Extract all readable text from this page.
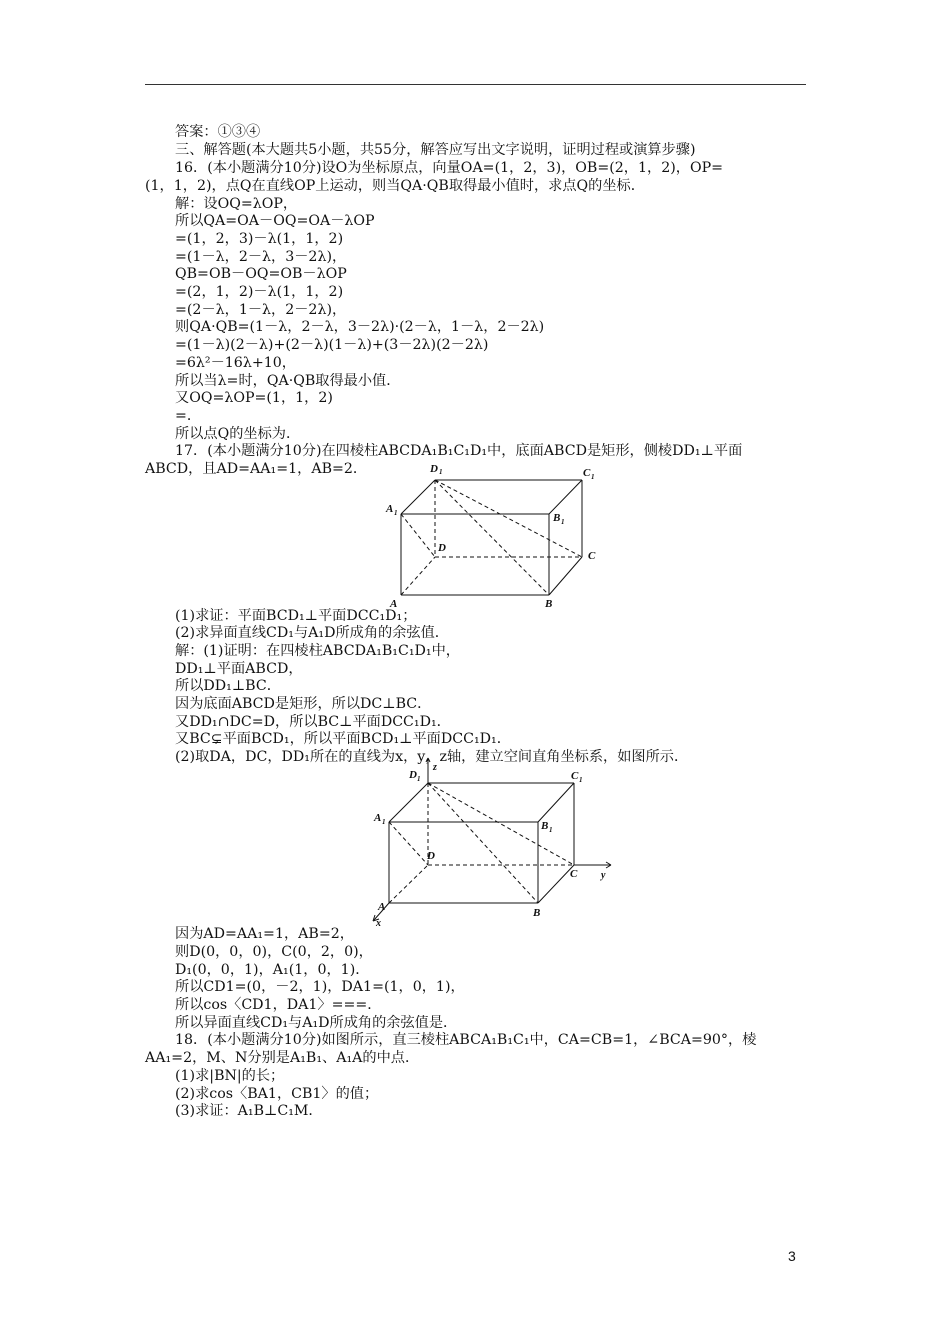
答案：①③④
三、解答题(本大题共5小题，共55分，解答应写出文字说明，证明过程或演算步骤)
16．(本小题满分10分)设O为坐标原点，向量OA=(1，2，3)，OB=(2，1，2)，OP=
(1，1，2)，点Q在直线OP上运动，则当QA·QB取得最小值时，求点Q的坐标．
解：设OQ=λOP，
所以QA=OA－OQ=OA－λOP
=(1，2，3)－λ(1，1，2)
=(1－λ，2－λ，3－2λ)，
QB=OB－OQ=OB－λOP
=(2，1，2)－λ(1，1，2)
=(2－λ，1－λ，2－2λ)，
则QA·QB=(1－λ，2－λ，3－2λ)·(2－λ，1－λ，2－2λ)
=(1－λ)(2－λ)+(2－λ)(1－λ)+(3－2λ)(2－2λ)
=6λ²－16λ+10，
所以当λ=时，QA·QB取得最小值．
又OQ=λOP=(1，1，2)
=．
所以点Q的坐标为．
17．(本小题满分10分)在四棱柱ABCDA₁B₁C₁D₁中，底面ABCD是矩形，侧棱DD₁⊥平面
ABCD，且AD=AA₁=1，AB=2．	D 1	C 1
A 1	B 1
D
C
A	B
(1)求证：平面BCD₁⊥平面DCC₁D₁；
(2)求异面直线CD₁与A₁D所成角的余弦值．
解：(1)证明：在四棱柱ABCDA₁B₁C₁D₁中，
DD₁⊥平面ABCD，
所以DD₁⊥BC．
因为底面ABCD是矩形，所以DC⊥BC．
又DD₁∩DC=D，所以BC⊥平面DCC₁D₁．
又BC⊊平面BCD₁，所以平面BCD₁⊥平面DCC₁D₁．
(2)取DA，DC，DD₁所在的直线为x，y，z轴，建立空间直角坐标系，如图所示．
z
D 1	C 1
A 1	B 1
D
C y
A	B
x
因为AD=AA₁=1，AB=2，
则D(0，0，0)，C(0，2，0)，
D₁(0，0，1)，A₁(1，0，1)．
所以CD1=(0，－2，1)，DA1=(1，0，1)，
所以cos〈CD1，DA1〉===．
所以异面直线CD₁与A₁D所成角的余弦值是．
18．(本小题满分10分)如图所示，直三棱柱ABCA₁B₁C₁中，CA=CB=1，∠BCA=90°，棱
AA₁=2，M、N分别是A₁B₁、A₁A的中点．
(1)求|BN|的长；
(2)求cos〈BA1，CB1〉的值；
(3)求证：A₁B⊥C₁M．
3
